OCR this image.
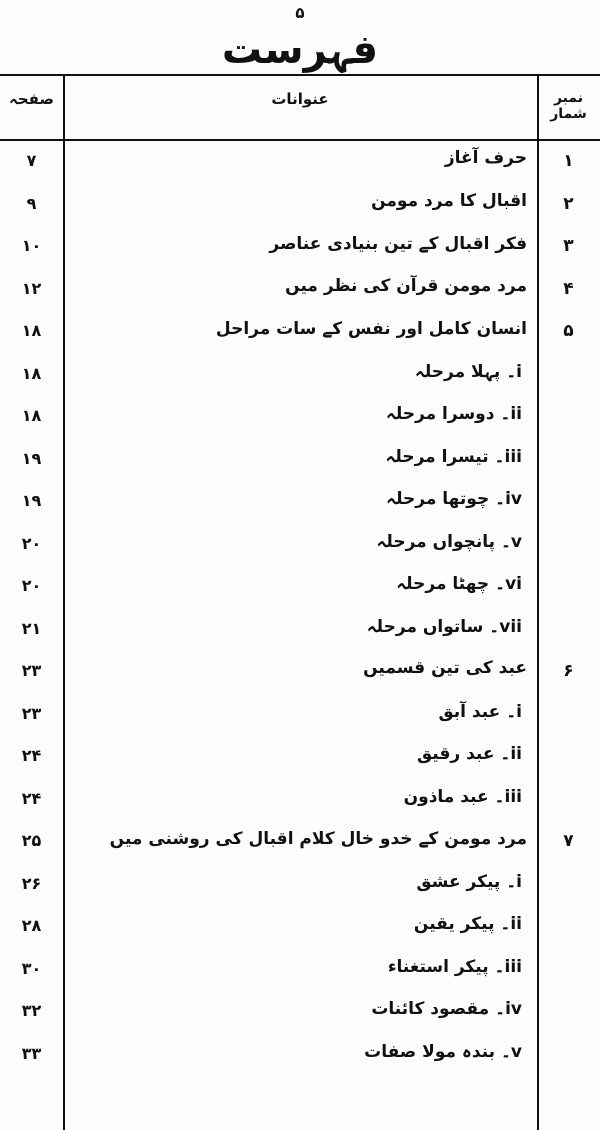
۵
فہرست
نمبر شمار
عنوانات
صفحہ
۱
حرف آغاز
۷
۲
اقبال کا مرد مومن
۹
۳
فکر اقبال کے تین بنیادی عناصر
۱۰
۴
مرد مومن قرآن کی نظر میں
۱۲
۵
انسان کامل اور نفس کے سات مراحل
۱۸
i۔ پہلا مرحلہ
۱۸
ii۔ دوسرا مرحلہ
۱۸
iii۔ تیسرا مرحلہ
۱۹
iv۔ چوتھا مرحلہ
۱۹
v۔ پانچواں مرحلہ
۲۰
vi۔ چھٹا مرحلہ
۲۰
vii۔ ساتواں مرحلہ
۲۱
۶
عبد کی تین قسمیں
۲۳
i۔ عبد آبق
۲۳
ii۔ عبد رقیق
۲۴
iii۔ عبد ماذون
۲۴
۷
مرد مومن کے خدو خال کلام اقبال کی روشنی میں
۲۵
i۔ پیکر عشق
۲۶
ii۔ پیکر یقین
۲۸
iii۔ پیکر استغناء
۳۰
iv۔ مقصود کائنات
۳۲
v۔ بندہ مولا صفات
۳۳
